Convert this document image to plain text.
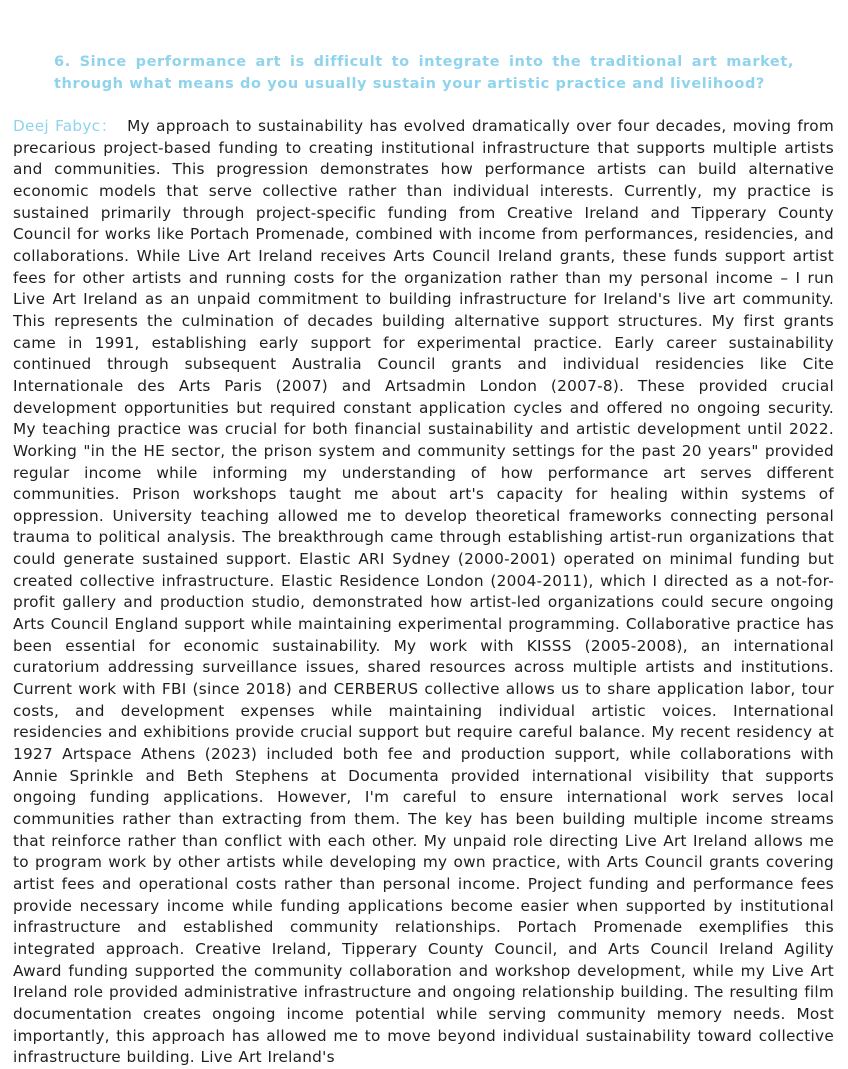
6. Since performance art is difficult to integrate into the traditional art market, through what means do you usually sustain your artistic practice and livelihood?

Deej Fabyc： My approach to sustainability has evolved dramatically over four decades, moving from precarious project-based funding to creating institutional infrastructure that supports multiple artists and communities. This progression demonstrates how performance artists can build alternative economic models that serve collective rather than individual interests. Currently, my practice is sustained primarily through project-specific funding from Creative Ireland and Tipperary County Council for works like Portach Promenade, combined with income from performances, residencies, and collaborations. While Live Art Ireland receives Arts Council Ireland grants, these funds support artist fees for other artists and running costs for the organization rather than my personal income – I run Live Art Ireland as an unpaid commitment to building infrastructure for Ireland's live art community. This represents the culmination of decades building alternative support structures. My first grants came in 1991, establishing early support for experimental practice. Early career sustainability continued through subsequent Australia Council grants and individual residencies like Cite Internationale des Arts Paris (2007) and Artsadmin London (2007-8). These provided crucial development opportunities but required constant application cycles and offered no ongoing security. My teaching practice was crucial for both financial sustainability and artistic development until 2022. Working "in the HE sector, the prison system and community settings for the past 20 years" provided regular income while informing my understanding of how performance art serves different communities. Prison workshops taught me about art's capacity for healing within systems of oppression. University teaching allowed me to develop theoretical frameworks connecting personal trauma to political analysis. The breakthrough came through establishing artist-run organizations that could generate sustained support. Elastic ARI Sydney (2000-2001) operated on minimal funding but created collective infrastructure. Elastic Residence London (2004-2011), which I directed as a not-for-profit gallery and production studio, demonstrated how artist-led organizations could secure ongoing Arts Council England support while maintaining experimental programming. Collaborative practice has been essential for economic sustainability. My work with KISSS (2005-2008), an international curatorium addressing surveillance issues, shared resources across multiple artists and institutions. Current work with FBI (since 2018) and CERBERUS collective allows us to share application labor, tour costs, and development expenses while maintaining individual artistic voices. International residencies and exhibitions provide crucial support but require careful balance. My recent residency at 1927 Artspace Athens (2023) included both fee and production support, while collaborations with Annie Sprinkle and Beth Stephens at Documenta provided international visibility that supports ongoing funding applications. However, I'm careful to ensure international work serves local communities rather than extracting from them. The key has been building multiple income streams that reinforce rather than conflict with each other. My unpaid role directing Live Art Ireland allows me to program work by other artists while developing my own practice, with Arts Council grants covering artist fees and operational costs rather than personal income. Project funding and performance fees provide necessary income while funding applications become easier when supported by institutional infrastructure and established community relationships. Portach Promenade exemplifies this integrated approach. Creative Ireland, Tipperary County Council, and Arts Council Ireland Agility Award funding supported the community collaboration and workshop development, while my Live Art Ireland role provided administrative infrastructure and ongoing relationship building. The resulting film documentation creates ongoing income potential while serving community memory needs. Most importantly, this approach has allowed me to move beyond individual sustainability toward collective infrastructure building. Live Art Ireland's
